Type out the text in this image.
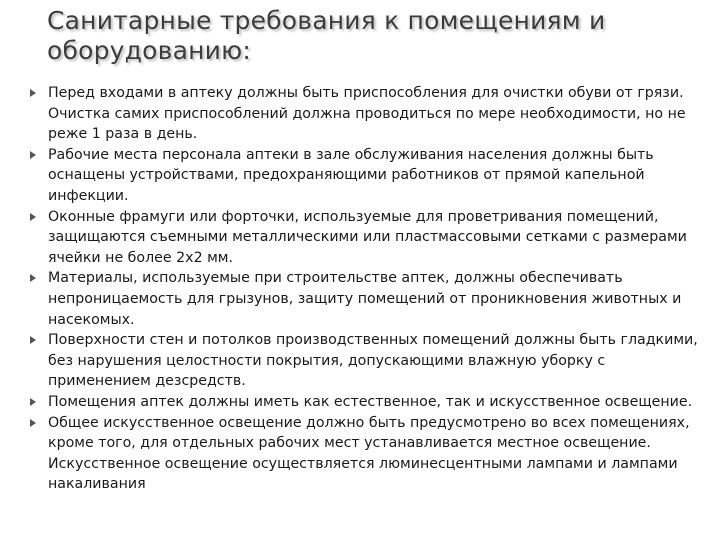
Санитарные требования к помещениям и
оборудованию:
Перед входами в аптеку должны быть приспособления для очистки обуви от грязи. Очистка самих приспособлений должна проводиться по мере необходимости, но не реже 1 раза в день.
Рабочие места персонала аптеки в зале обслуживания населения должны быть оснащены устройствами, предохраняющими работников от прямой капельной инфекции.
Оконные фрамуги или форточки, используемые для проветривания помещений, защищаются съемными металлическими или пластмассовыми сетками с размерами ячейки не более 2х2 мм.
Материалы, используемые при строительстве аптек, должны обеспечивать непроницаемость для грызунов, защиту помещений от проникновения животных и насекомых.
Поверхности стен и потолков производственных помещений должны быть гладкими, без нарушения целостности покрытия, допускающими влажную уборку с применением дезсредств.
Помещения аптек должны иметь как естественное, так и искусственное освещение.
Общее искусственное освещение должно быть предусмотрено во всех помещениях, кроме того, для отдельных рабочих мест устанавливается местное освещение. Искусственное освещение осуществляется люминесцентными лампами и лампами накаливания
